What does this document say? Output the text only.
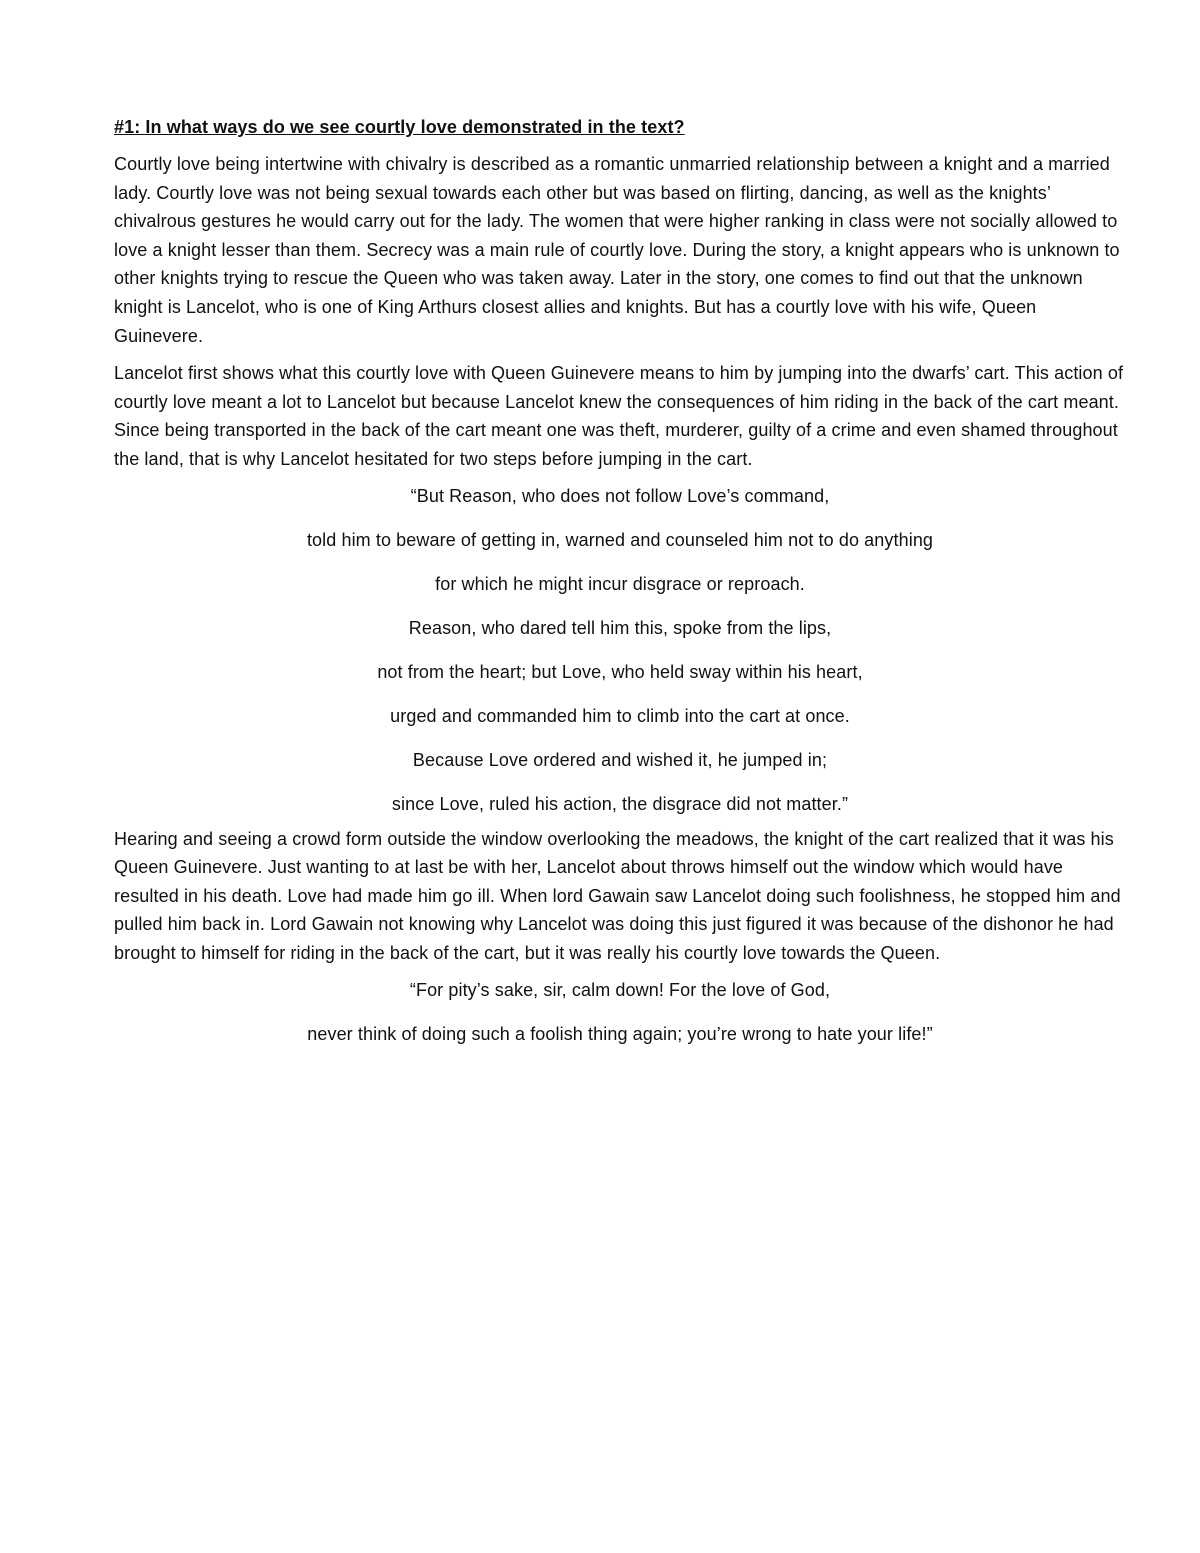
#1: In what ways do we see courtly love demonstrated in the text?

Courtly love being intertwine with chivalry is described as a romantic unmarried relationship between a knight and a married lady. Courtly love was not being sexual towards each other but was based on flirting, dancing, as well as the knights’ chivalrous gestures he would carry out for the lady. The women that were higher ranking in class were not socially allowed to love a knight lesser than them. Secrecy was a main rule of courtly love. During the story, a knight appears who is unknown to other knights trying to rescue the Queen who was taken away. Later in the story, one comes to find out that the unknown knight is Lancelot, who is one of King Arthurs closest allies and knights. But has a courtly love with his wife, Queen Guinevere.

Lancelot first shows what this courtly love with Queen Guinevere means to him by jumping into the dwarfs’ cart. This action of courtly love meant a lot to Lancelot but because Lancelot knew the consequences of him riding in the back of the cart meant. Since being transported in the back of the cart meant one was theft, murderer, guilty of a crime and even shamed throughout the land, that is why Lancelot hesitated for two steps before jumping in the cart.

“But Reason, who does not follow Love’s command,
told him to beware of getting in, warned and counseled him not to do anything
for which he might incur disgrace or reproach.
Reason, who dared tell him this, spoke from the lips,
not from the heart; but Love, who held sway within his heart,
urged and commanded him to climb into the cart at once.
Because Love ordered and wished it, he jumped in;
since Love, ruled his action, the disgrace did not matter.”

Hearing and seeing a crowd form outside the window overlooking the meadows, the knight of the cart realized that it was his Queen Guinevere. Just wanting to at last be with her, Lancelot about throws himself out the window which would have resulted in his death. Love had made him go ill. When lord Gawain saw Lancelot doing such foolishness, he stopped him and pulled him back in. Lord Gawain not knowing why Lancelot was doing this just figured it was because of the dishonor he had brought to himself for riding in the back of the cart, but it was really his courtly love towards the Queen.

“For pity’s sake, sir, calm down! For the love of God,
never think of doing such a foolish thing again; you’re wrong to hate your life!”
